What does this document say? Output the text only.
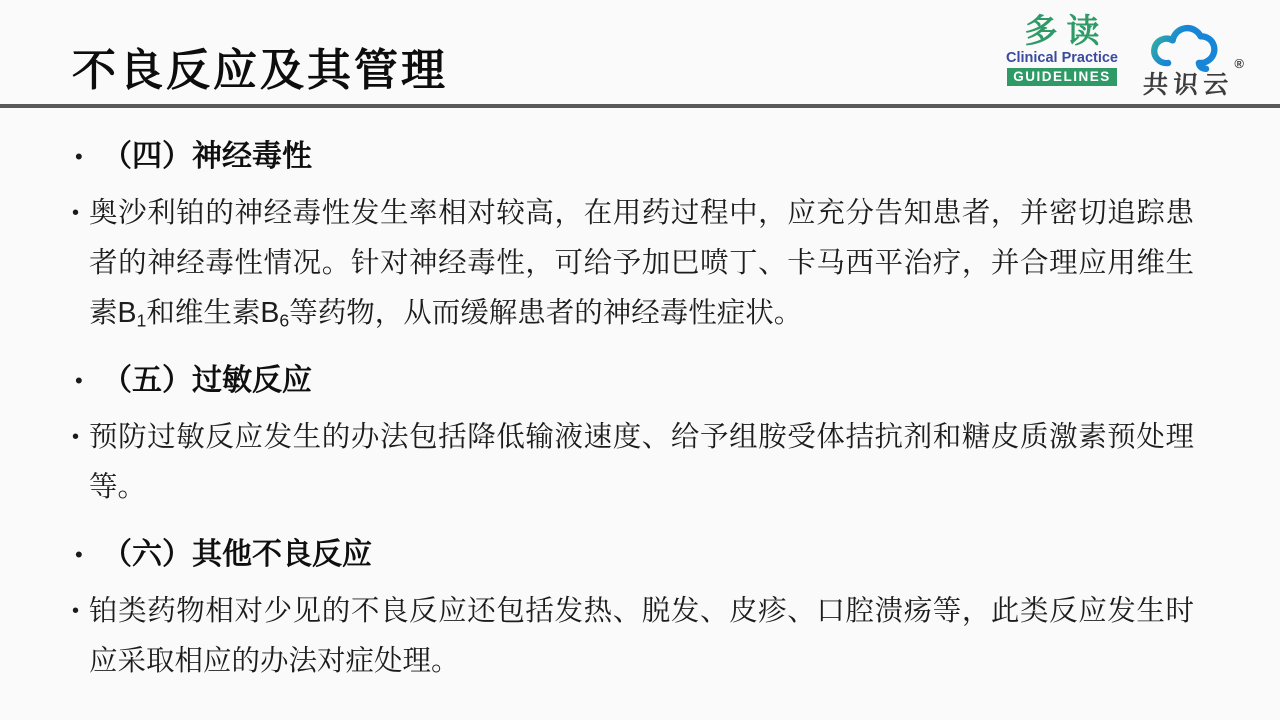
不良反应及其管理
多读
Clinical Practice
GUIDELINES 共识云
®
• （四）神经毒性
• 奥沙利铂的神经毒性发生率相对较高，在用药过程中，应充分告知患者，并密切追踪患者的神经毒性情况。针对神经毒性，可给予加巴喷丁、卡马西平治疗，并合理应用维生素$B_1$和维生素$B_6$等药物，从而缓解患者的神经毒性症状。
• （五）过敏反应
• 预防过敏反应发生的办法包括降低输液速度、给予组胺受体拮抗剂和糖皮质激素预处理等。
• （六）其他不良反应
• 铂类药物相对少见的不良反应还包括发热、脱发、皮疹、口腔溃疡等，此类反应发生时应采取相应的办法对症处理。
